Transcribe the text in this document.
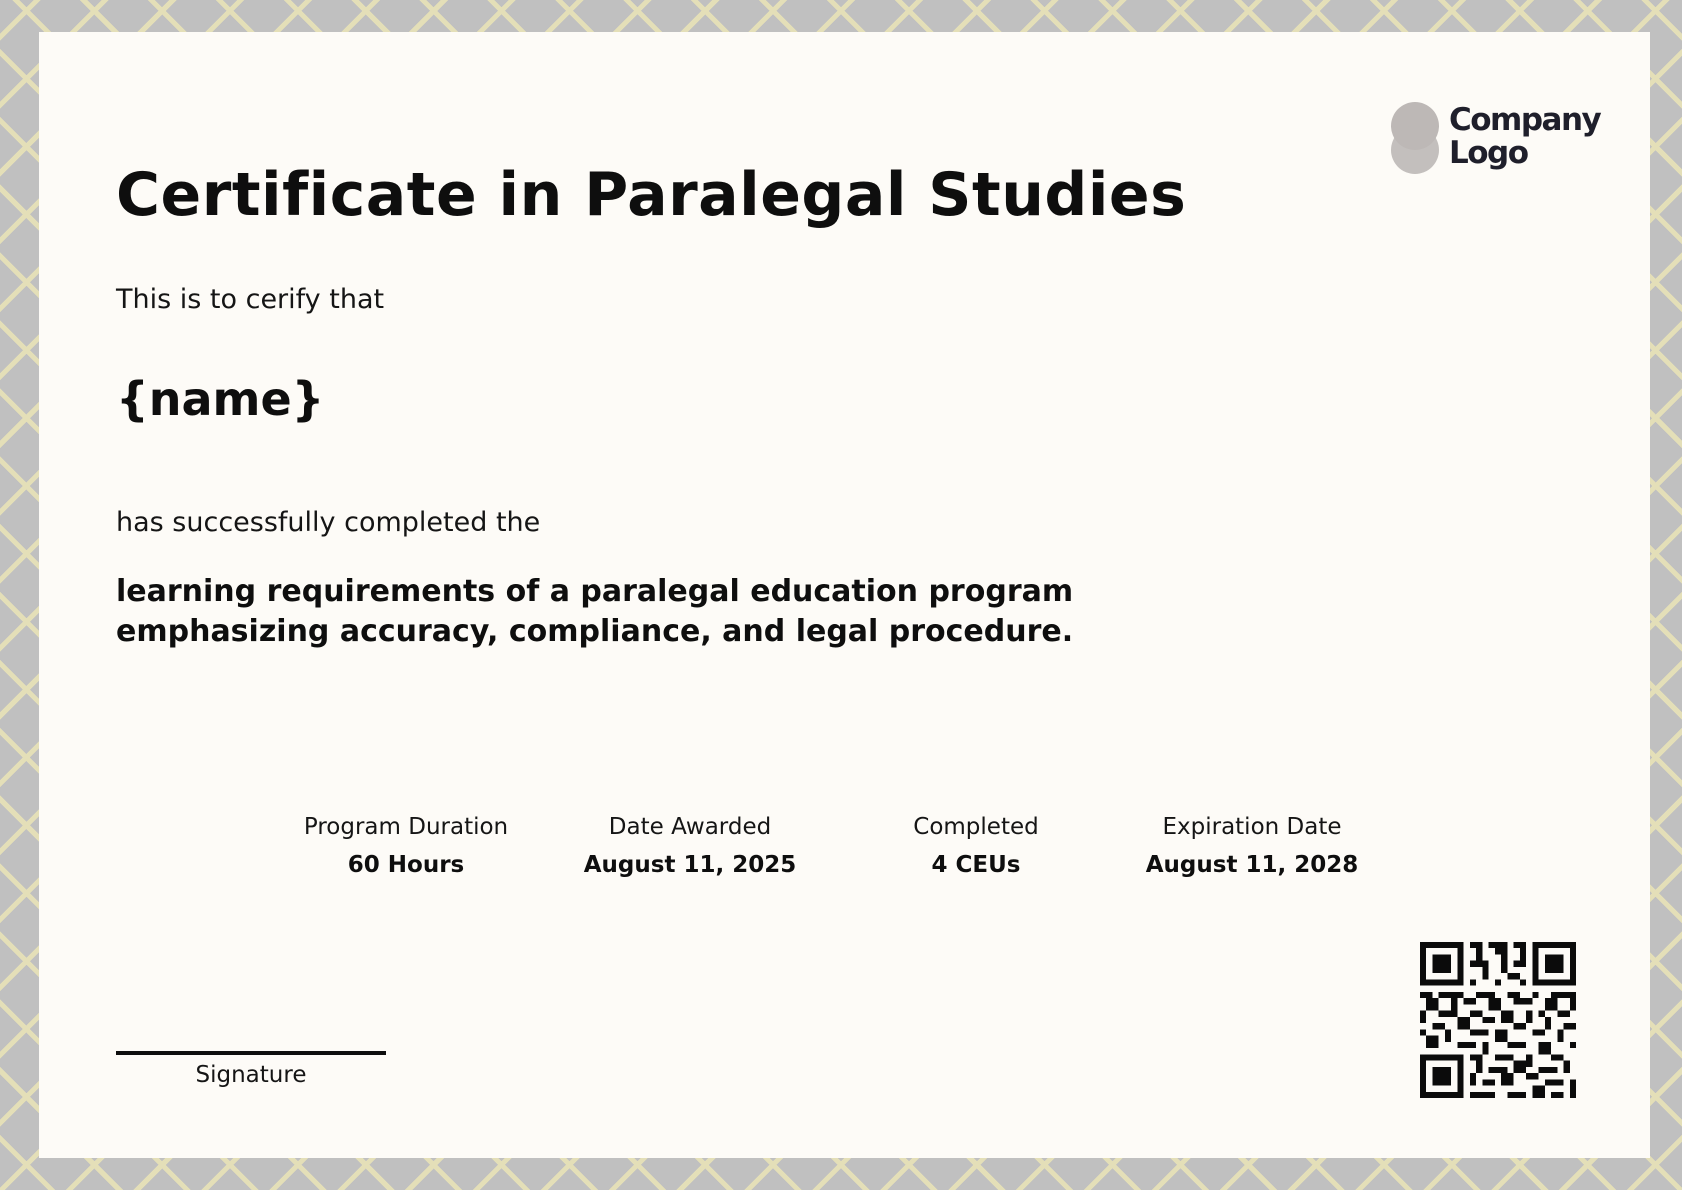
Company
Logo
Certificate in Paralegal Studies
This is to cerify that
{name}
has successfully completed the
learning requirements of a paralegal education program
emphasizing accuracy, compliance, and legal procedure.
Program Duration
60 Hours
Date Awarded
August 11, 2025
Completed
4 CEUs
Expiration Date
August 11, 2028
Signature
